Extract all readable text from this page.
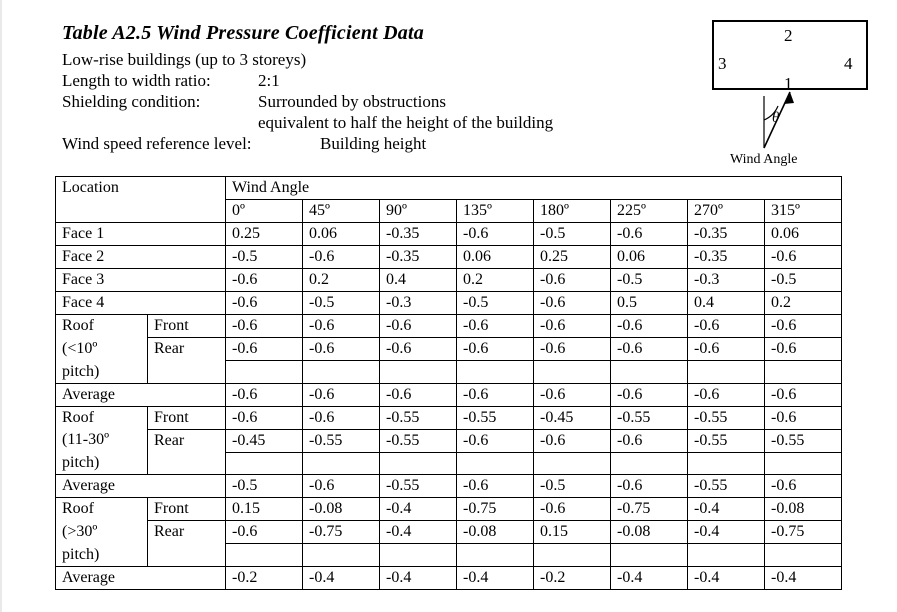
Table A2.5 Wind Pressure Coefficient Data
Low-rise buildings (up to 3 storeys)
Length to width ratio:	2:1
Shielding condition:	Surrounded by obstructions
equivalent to half the height of the building
Wind speed reference level:	Building height
2
3	4
1
θ
Wind Angle
Location		Wind Angle							
		0º	45º	90º	135º	180º	225º	270º	315º
Face 1		0.25	0.06	-0.35	-0.6	-0.5	-0.6	-0.35	0.06
Face 2		-0.5	-0.6	-0.35	0.06	0.25	0.06	-0.35	-0.6
Face 3		-0.6	0.2	0.4	0.2	-0.6	-0.5	-0.3	-0.5
Face 4		-0.6	-0.5	-0.3	-0.5	-0.6	0.5	0.4	0.2
Roof	Front	-0.6	-0.6	-0.6	-0.6	-0.6	-0.6	-0.6	-0.6
(<10º	Rear	-0.6	-0.6	-0.6	-0.6	-0.6	-0.6	-0.6	-0.6
pitch)									
Average		-0.6	-0.6	-0.6	-0.6	-0.6	-0.6	-0.6	-0.6
Roof	Front	-0.6	-0.6	-0.55	-0.55	-0.45	-0.55	-0.55	-0.6
(11-30º	Rear	-0.45	-0.55	-0.55	-0.6	-0.6	-0.6	-0.55	-0.55
pitch)									
Average		-0.5	-0.6	-0.55	-0.6	-0.5	-0.6	-0.55	-0.6
Roof	Front	0.15	-0.08	-0.4	-0.75	-0.6	-0.75	-0.4	-0.08
(>30º	Rear	-0.6	-0.75	-0.4	-0.08	0.15	-0.08	-0.4	-0.75
pitch)									
Average		-0.2	-0.4	-0.4	-0.4	-0.2	-0.4	-0.4	-0.4
